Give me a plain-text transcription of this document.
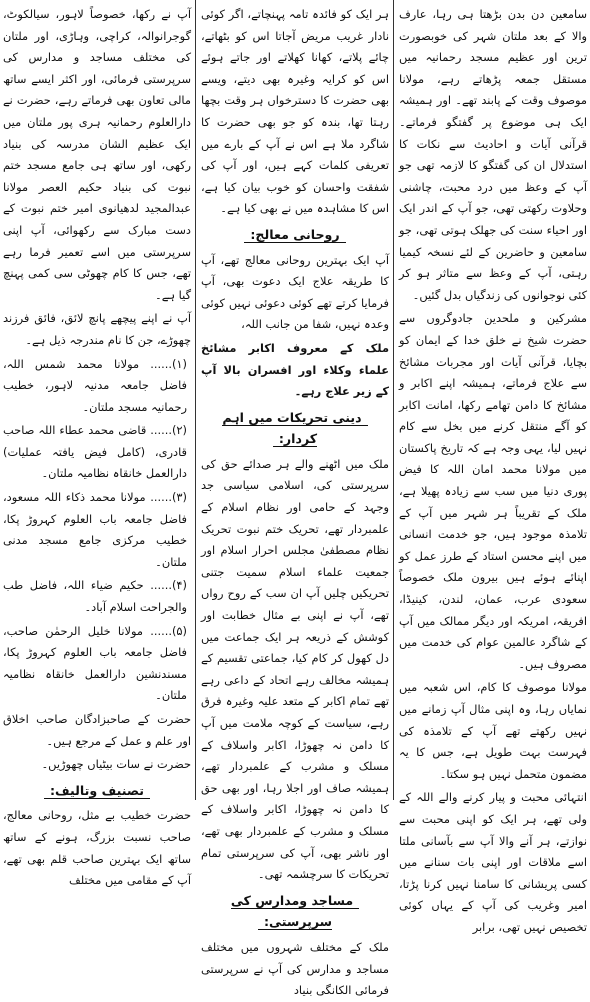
سامعین دن بدن بڑھتا ہی رہا، عارف والا کے بعد ملتان شہر کی خوبصورت ترین اور عظیم مسجد رحمانیہ میں مستقل جمعہ پڑھاتے رہے، مولانا موصوف وقت کے پابند تھے۔ اور ہمیشہ ایک ہی موضوع پر گفتگو فرماتے۔ قرآنی آیات و احادیث سے نکات کا استدلال ان کی گفتگو کا لازمہ تھی جو آپ کے وعظ میں درد محبت، چاشنی وحلاوت رکھتی تھی، جو آپ کے اندر ایک اور احیاء سنت کی جھلک ہوتی تھی، جو سامعین و حاضرین کے لئے نسخہ کیمیا رہتی، آپ کے وعظ سے متاثر ہو کر کئی نوجوانوں کی زندگیاں بدل گئیں۔

مشرکین و ملحدین جادوگروں سے حضرت شیخ نے خلق خدا کے ایمان کو بچایا، قرآنی آیات اور مجربات مشائخ سے علاج فرماتے، ہمیشہ اپنے اکابر و مشائخ کا دامن تھامے رکھا، امانت اکابر کو آگے منتقل کرنے میں بخل سے کام نہیں لیا، یہی وجہ ہے کہ تاریخ پاکستان میں مولانا محمد امان اللہ کا فیض پوری دنیا میں سب سے زیادہ پھیلا ہے، ملک کے تقریباً ہر شہر میں آپ کے تلامذہ موجود ہیں، جو خدمت انسانی میں اپنے محسن استاد کے طرز عمل کو اپنائے ہوئے ہیں بیرون ملک خصوصاً سعودی عرب، عمان، لندن، کینیڈا، افریقہ، امریکہ اور دیگر ممالک میں آپ کے شاگرد عالمین عوام کی خدمت میں مصروف ہیں۔

مولانا موصوف کا کام، اس شعبہ میں نمایاں رہا، وہ اپنی مثال آپ زمانے میں نہیں رکھتے تھے آپ کے تلامذہ کی فہرست بہت طویل ہے، جس کا یہ مضمون متحمل نہیں ہو سکتا۔

انتہائی محبت و پیار کرنے والے اللہ کے ولی تھے، ہر ایک کو اپنی محبت سے نوازتے، ہر آنے والا آپ سے بآسانی ملتا اسے ملاقات اور اپنی بات سنانے میں کسی پریشانی کا سامنا نہیں کرنا پڑتا، امیر وغریب کی آپ کے یہاں کوئی تخصیص نہیں تھی، برابر

ہر ایک کو فائدہ تامہ پہنچاتے، اگر کوئی نادار غریب مریض آجاتا اس کو بٹھاتے، چائے پلاتے، کھانا کھلاتے اور جاتے ہوئے اس کو کرایہ وغیرہ بھی دیتے، ویسے بھی حضرت کا دسترخواں ہر وقت بچھا رہتا تھا، بندہ کو جو بھی حضرت کا شاگرد ملا ہے اس نے آپ کے بارے میں تعریفی کلمات کہے ہیں، اور آپ کی شفقت واحسان کو خوب بیان کیا ہے، اس کا مشاہدہ میں نے بھی کیا ہے۔

روحانی معالج:

آپ ایک بہترین روحانی معالج تھے، آپ کا طریقہ علاج ایک دعوت بھی، آپ فرمایا کرتے تھے کوئی دعوئی نہیں کوئی وعدہ نہیں، شفا من جانب اللہ،

ملک کے معروف اکابر مشائخ علماء وکلاء اور افسران بالا آپ کے زیر علاج رہے۔

دینی تحریکات میں اہم کردار:

ملک میں اٹھنے والے ہر صدائے حق کی سرپرستی کی، اسلامی سیاسی جد وجہد کے حامی اور نظام اسلام کے علمبردار تھے، تحریک ختم نبوت تحریک نظام مصطفیٰ مجلس احرار اسلام اور جمعیت علماء اسلام سمیت جتنی تحریکیں چلیں آپ ان سب کے روح رواں تھے، آپ نے اپنی بے مثال خطابت اور کوشش کے ذریعہ ہر ایک جماعت میں دل کھول کر کام کیا، جماعتی تقسیم کے ہمیشہ مخالف رہے اتحاد کے داعی رہے تھے تمام اکابر کے متعد علیہ وغیرہ فرق رہے، سیاست کے کوچہ ملامت میں آپ کا دامن نہ چھوڑا، اکابر واسلاف کے مسلک و مشرب کے علمبردار تھے، ہمیشہ صاف اور اجلا رہا، اور بھی حق کا دامن نہ چھوڑا، اکابر واسلاف کے مسلک و مشرب کے علمبردار بھی تھے، اور ناشر بھی، آپ کی سرپرستی تمام تحریکات کا سرچشمہ تھی۔

مساجد ومدارس کی سرپرستی:

ملک کے مختلف شہروں میں مختلف مساجد و مدارس کی آپ نے سرپرستی فرمائی الکانگی بنیاد

آپ نے رکھا، خصوصاً لاہور، سیالکوٹ، گوجرانوالہ، کراچی، وہاڑی، اور ملتان کی مختلف مساجد و مدارس کی سرپرستی فرمائی، اور اکثر ایسے ساتھ مالی تعاون بھی فرماتے رہے، حضرت نے دارالعلوم رحمانیہ ہری پور ملتان میں ایک عظیم الشان مدرسہ کی بنیاد رکھی، اور ساتھ ہی جامع مسجد ختم نبوت کی بنیاد حکیم العصر مولانا عبدالمجید لدھیانوی امیر ختم نبوت کے دست مبارک سے رکھوائی، آپ اپنی سرپرستی میں اسے تعمیر فرما رہے تھے، جس کا کام چھوٹی سی کمی پہنچ گیا ہے۔

آپ نے اپنے پیچھے پانچ لائق، فائق فرزند چھوڑے، جن کا نام مندرجہ ذیل ہے۔

(۱)...... مولانا محمد شمس اللہ، فاضل جامعہ مدنیہ لاہور، خطیب رحمانیہ مسجد ملتان۔

(۲)...... قاضی محمد عطاء اللہ صاحب قادری، (کامل فیض یافتہ عملیات) دارالعمل خانقاہ نظامیہ ملتان۔

(۳)...... مولانا محمد ذکاء اللہ مسعود، فاضل جامعہ باب العلوم کہروڑ پکا، خطیب مرکزی جامع مسجد مدنی ملتان۔

(۴)...... حکیم ضیاء اللہ، فاضل طب والجراحت اسلام آباد۔

(۵)...... مولانا خلیل الرحمٰن صاحب، فاضل جامعہ باب العلوم کہروڑ پکا، مسندنشین دارالعمل خانقاہ نظامیہ ملتان۔

حضرت کے صاحبزادگان صاحب اخلاق اور علم و عمل کے مرجع ہیں۔

حضرت نے سات بیٹیاں چھوڑیں۔

تصنیف وتالیف:

حضرت خطیب بے مثل، روحانی معالج، صاحب نسبت بزرگ، ہونے کے ساتھ ساتھ ایک بہترین صاحب قلم بھی تھے، آپ کے مقامی میں مختلف
